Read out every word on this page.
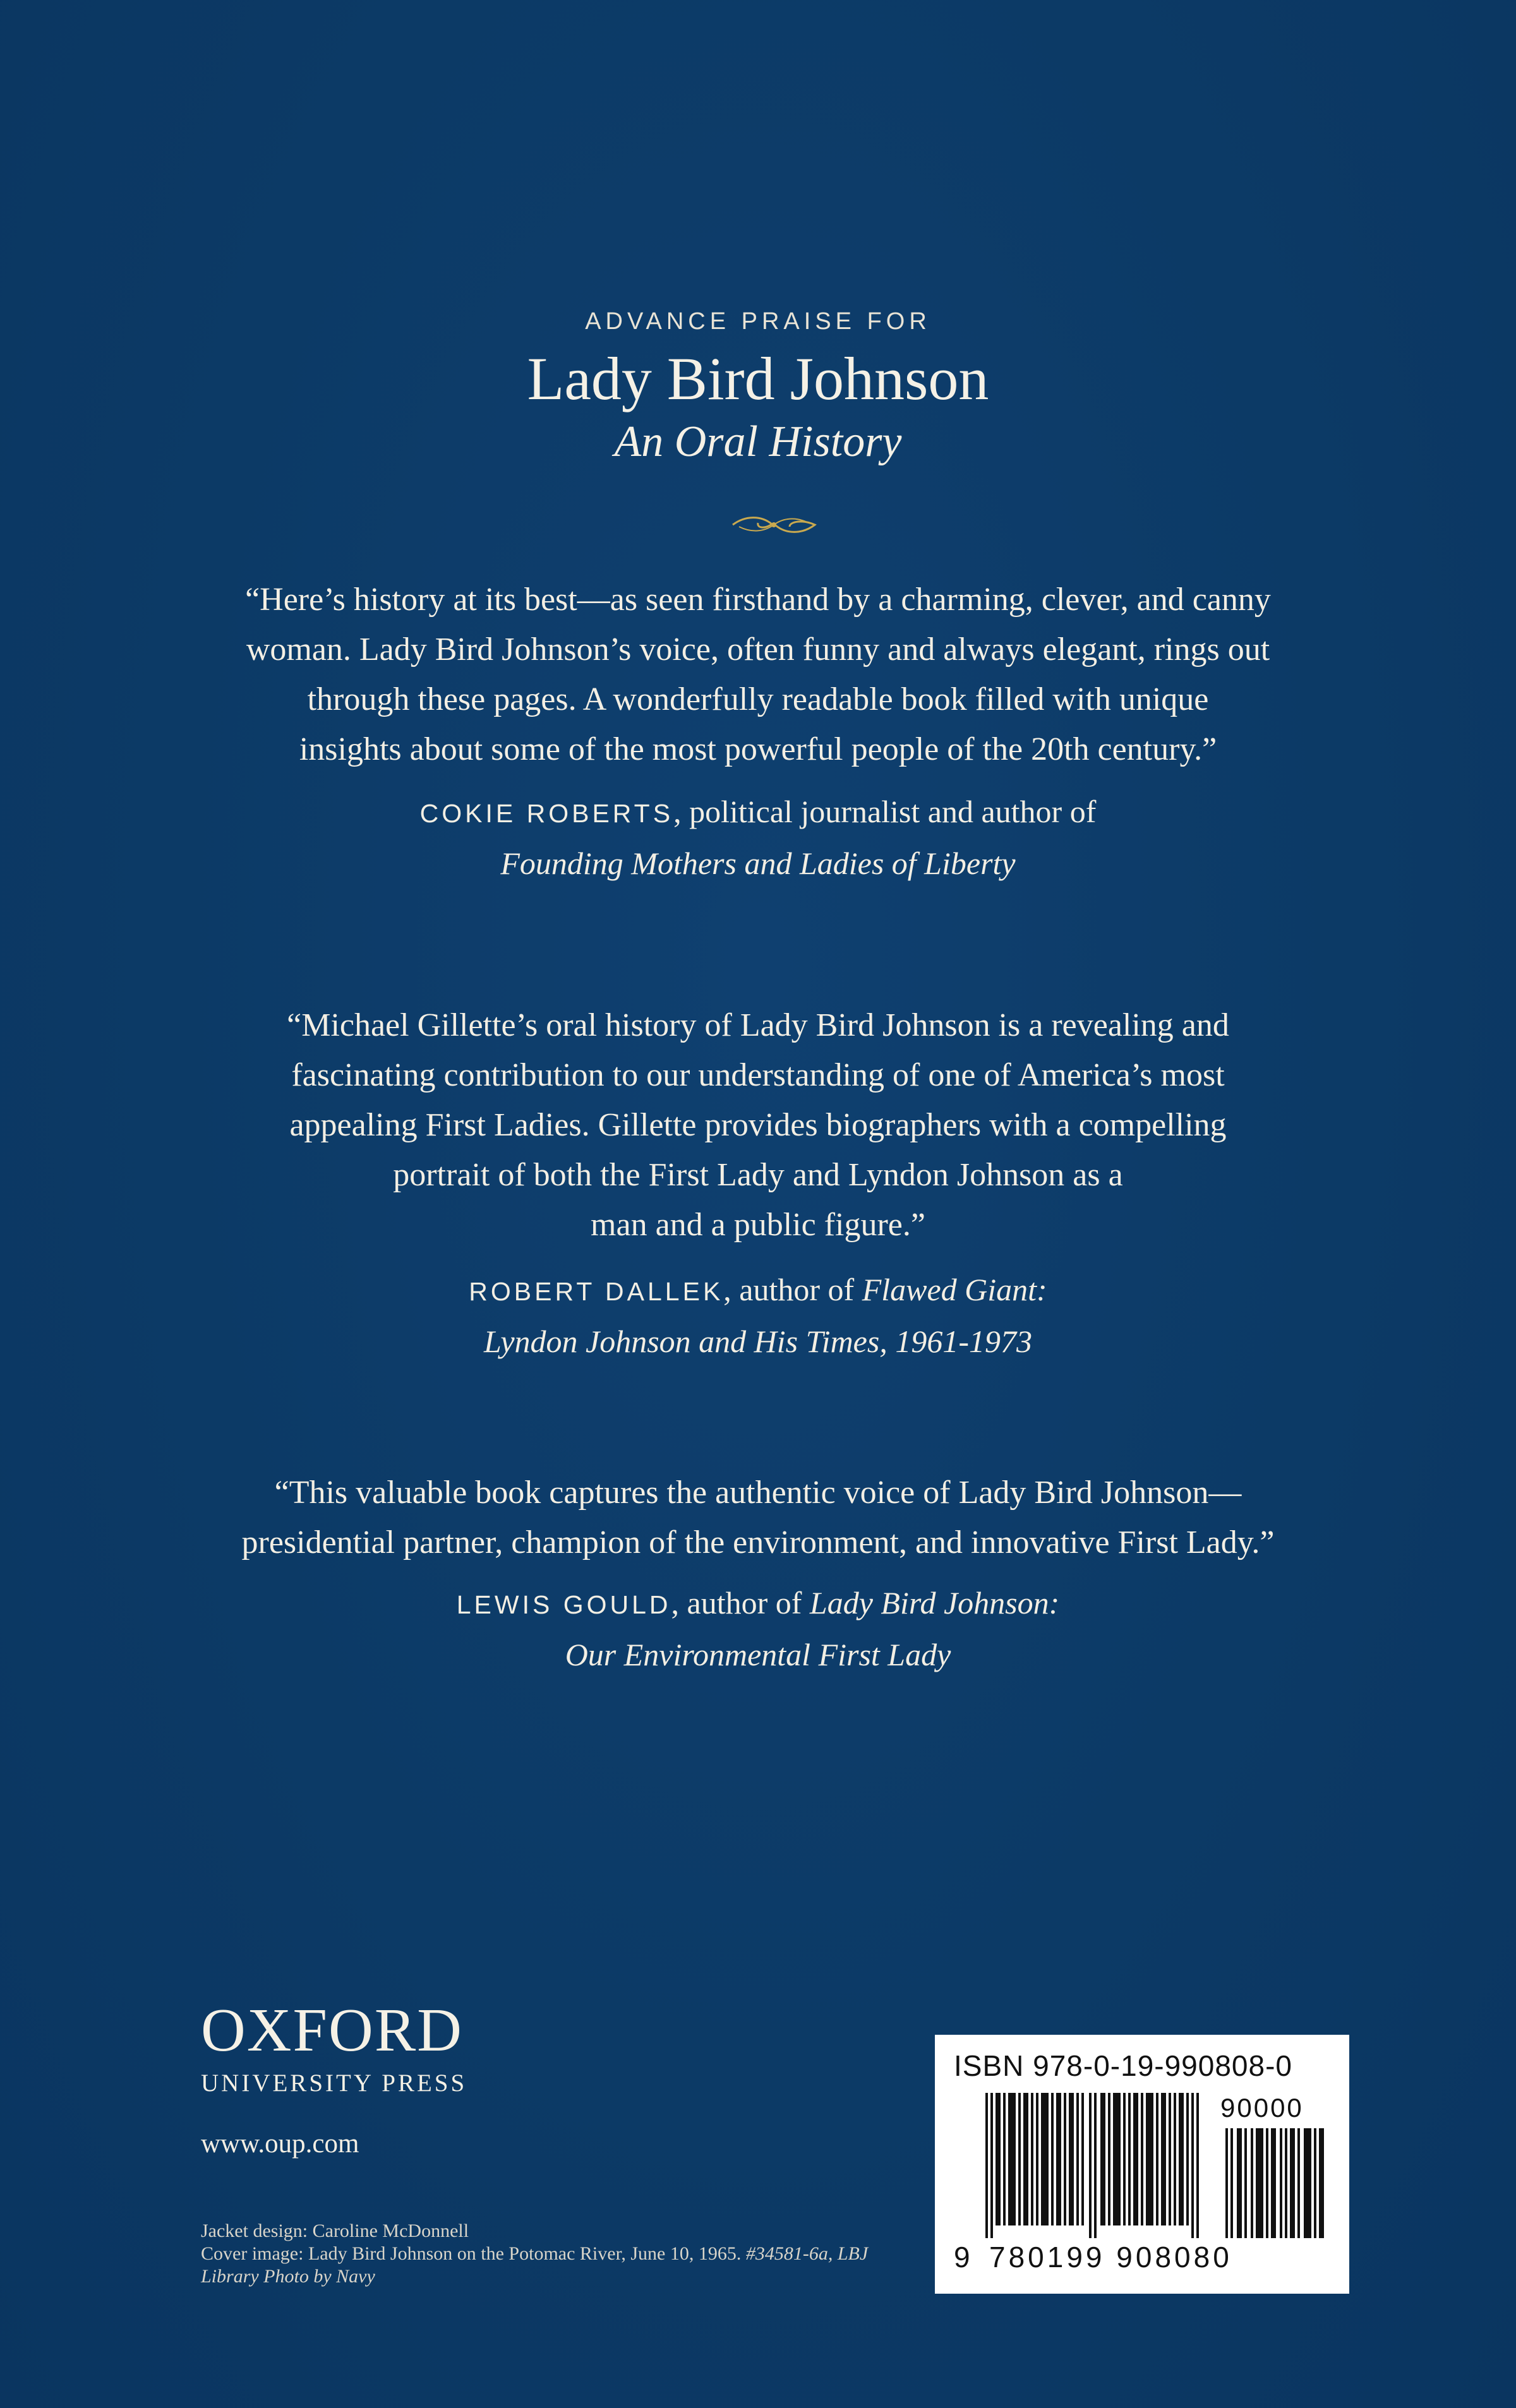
ADVANCE PRAISE FOR
Lady Bird Johnson
An Oral History

“Here’s history at its best—as seen firsthand by a charming, clever, and canny

woman. Lady Bird Johnson’s voice, often funny and always elegant, rings out

through these pages. A wonderfully readable book filled with unique

insights about some of the most powerful people of the 20th century.”

COKIE ROBERTS, political journalist and author of
Founding Mothers and Ladies of Liberty

“Michael Gillette’s oral history of Lady Bird Johnson is a revealing and

fascinating contribution to our understanding of one of America’s most

appealing First Ladies. Gillette provides biographers with a compelling

portrait of both the First Lady and Lyndon Johnson as a

man and a public figure.”

ROBERT DALLEK, author of Flawed Giant:
Lyndon Johnson and His Times, 1961-1973

“This valuable book captures the authentic voice of Lady Bird Johnson—

presidential partner, champion of the environment, and innovative First Lady.”

LEWIS GOULD, author of Lady Bird Johnson:
Our Environmental First Lady
OXFORD
UNIVERSITY PRESS
www.oup.com
Jacket design: Caroline McDonnell
Cover image: Lady Bird Johnson on the Potomac River, June 10, 1965. #34581-6a, LBJ Library Photo by Navy
ISBN 978-0-19-990808-0
90000
9 780199 908080
